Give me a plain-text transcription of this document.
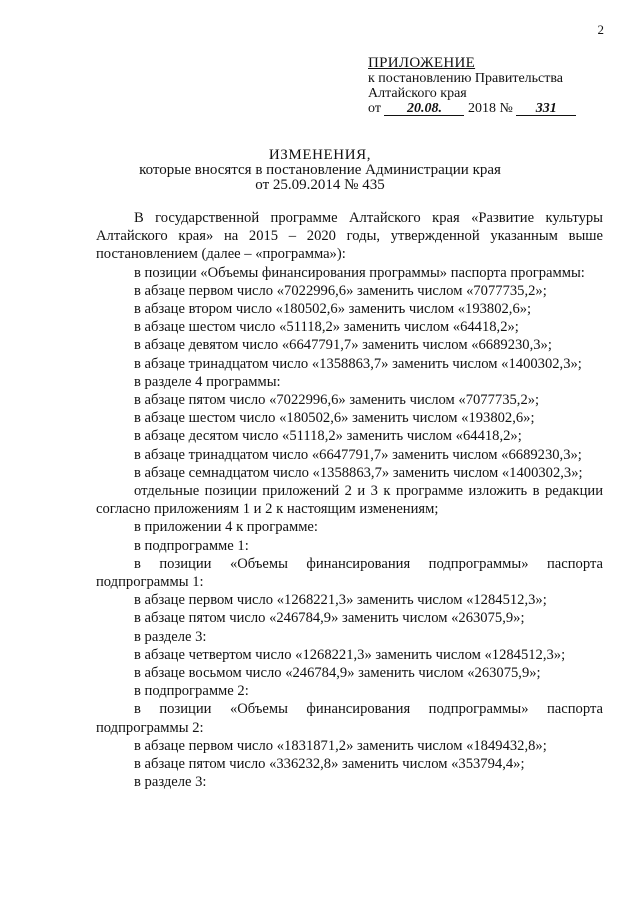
2
ПРИЛОЖЕНИЕ
к постановлению Правительства
Алтайского края
от 20.08. 2018 № 331
ИЗМЕНЕНИЯ,
которые вносятся в постановление Администрации края
от 25.09.2014 № 435

В государственной программе Алтайского края «Развитие культуры Алтайского края» на 2015 – 2020 годы, утвержденной указанным выше постановлением (далее – «программа»):

в позиции «Объемы финансирования программы» паспорта программы:

в абзаце первом число «7022996,6» заменить числом «7077735,2»;

в абзаце втором число «180502,6» заменить числом «193802,6»;

в абзаце шестом число «51118,2» заменить числом «64418,2»;

в абзаце девятом число «6647791,7» заменить числом «6689230,3»;

в абзаце тринадцатом число «1358863,7» заменить числом «1400302,3»;

в разделе 4 программы:

в абзаце пятом число «7022996,6» заменить числом «7077735,2»;

в абзаце шестом число «180502,6» заменить числом «193802,6»;

в абзаце десятом число «51118,2» заменить числом «64418,2»;

в абзаце тринадцатом число «6647791,7» заменить числом «6689230,3»;

в абзаце семнадцатом число «1358863,7» заменить числом «1400302,3»;

отдельные позиции приложений 2 и 3 к программе изложить в редакции согласно приложениям 1 и 2 к настоящим изменениям;

в приложении 4 к программе:

в подпрограмме 1:

в позиции «Объемы финансирования подпрограммы» паспорта подпрограммы 1:

в абзаце первом число «1268221,3» заменить числом «1284512,3»;

в абзаце пятом число «246784,9» заменить числом «263075,9»;

в разделе 3:

в абзаце четвертом число «1268221,3» заменить числом «1284512,3»;

в абзаце восьмом число «246784,9» заменить числом «263075,9»;

в подпрограмме 2:

в позиции «Объемы финансирования подпрограммы» паспорта подпрограммы 2:

в абзаце первом число «1831871,2» заменить числом «1849432,8»;

в абзаце пятом число «336232,8» заменить числом «353794,4»;

в разделе 3:
